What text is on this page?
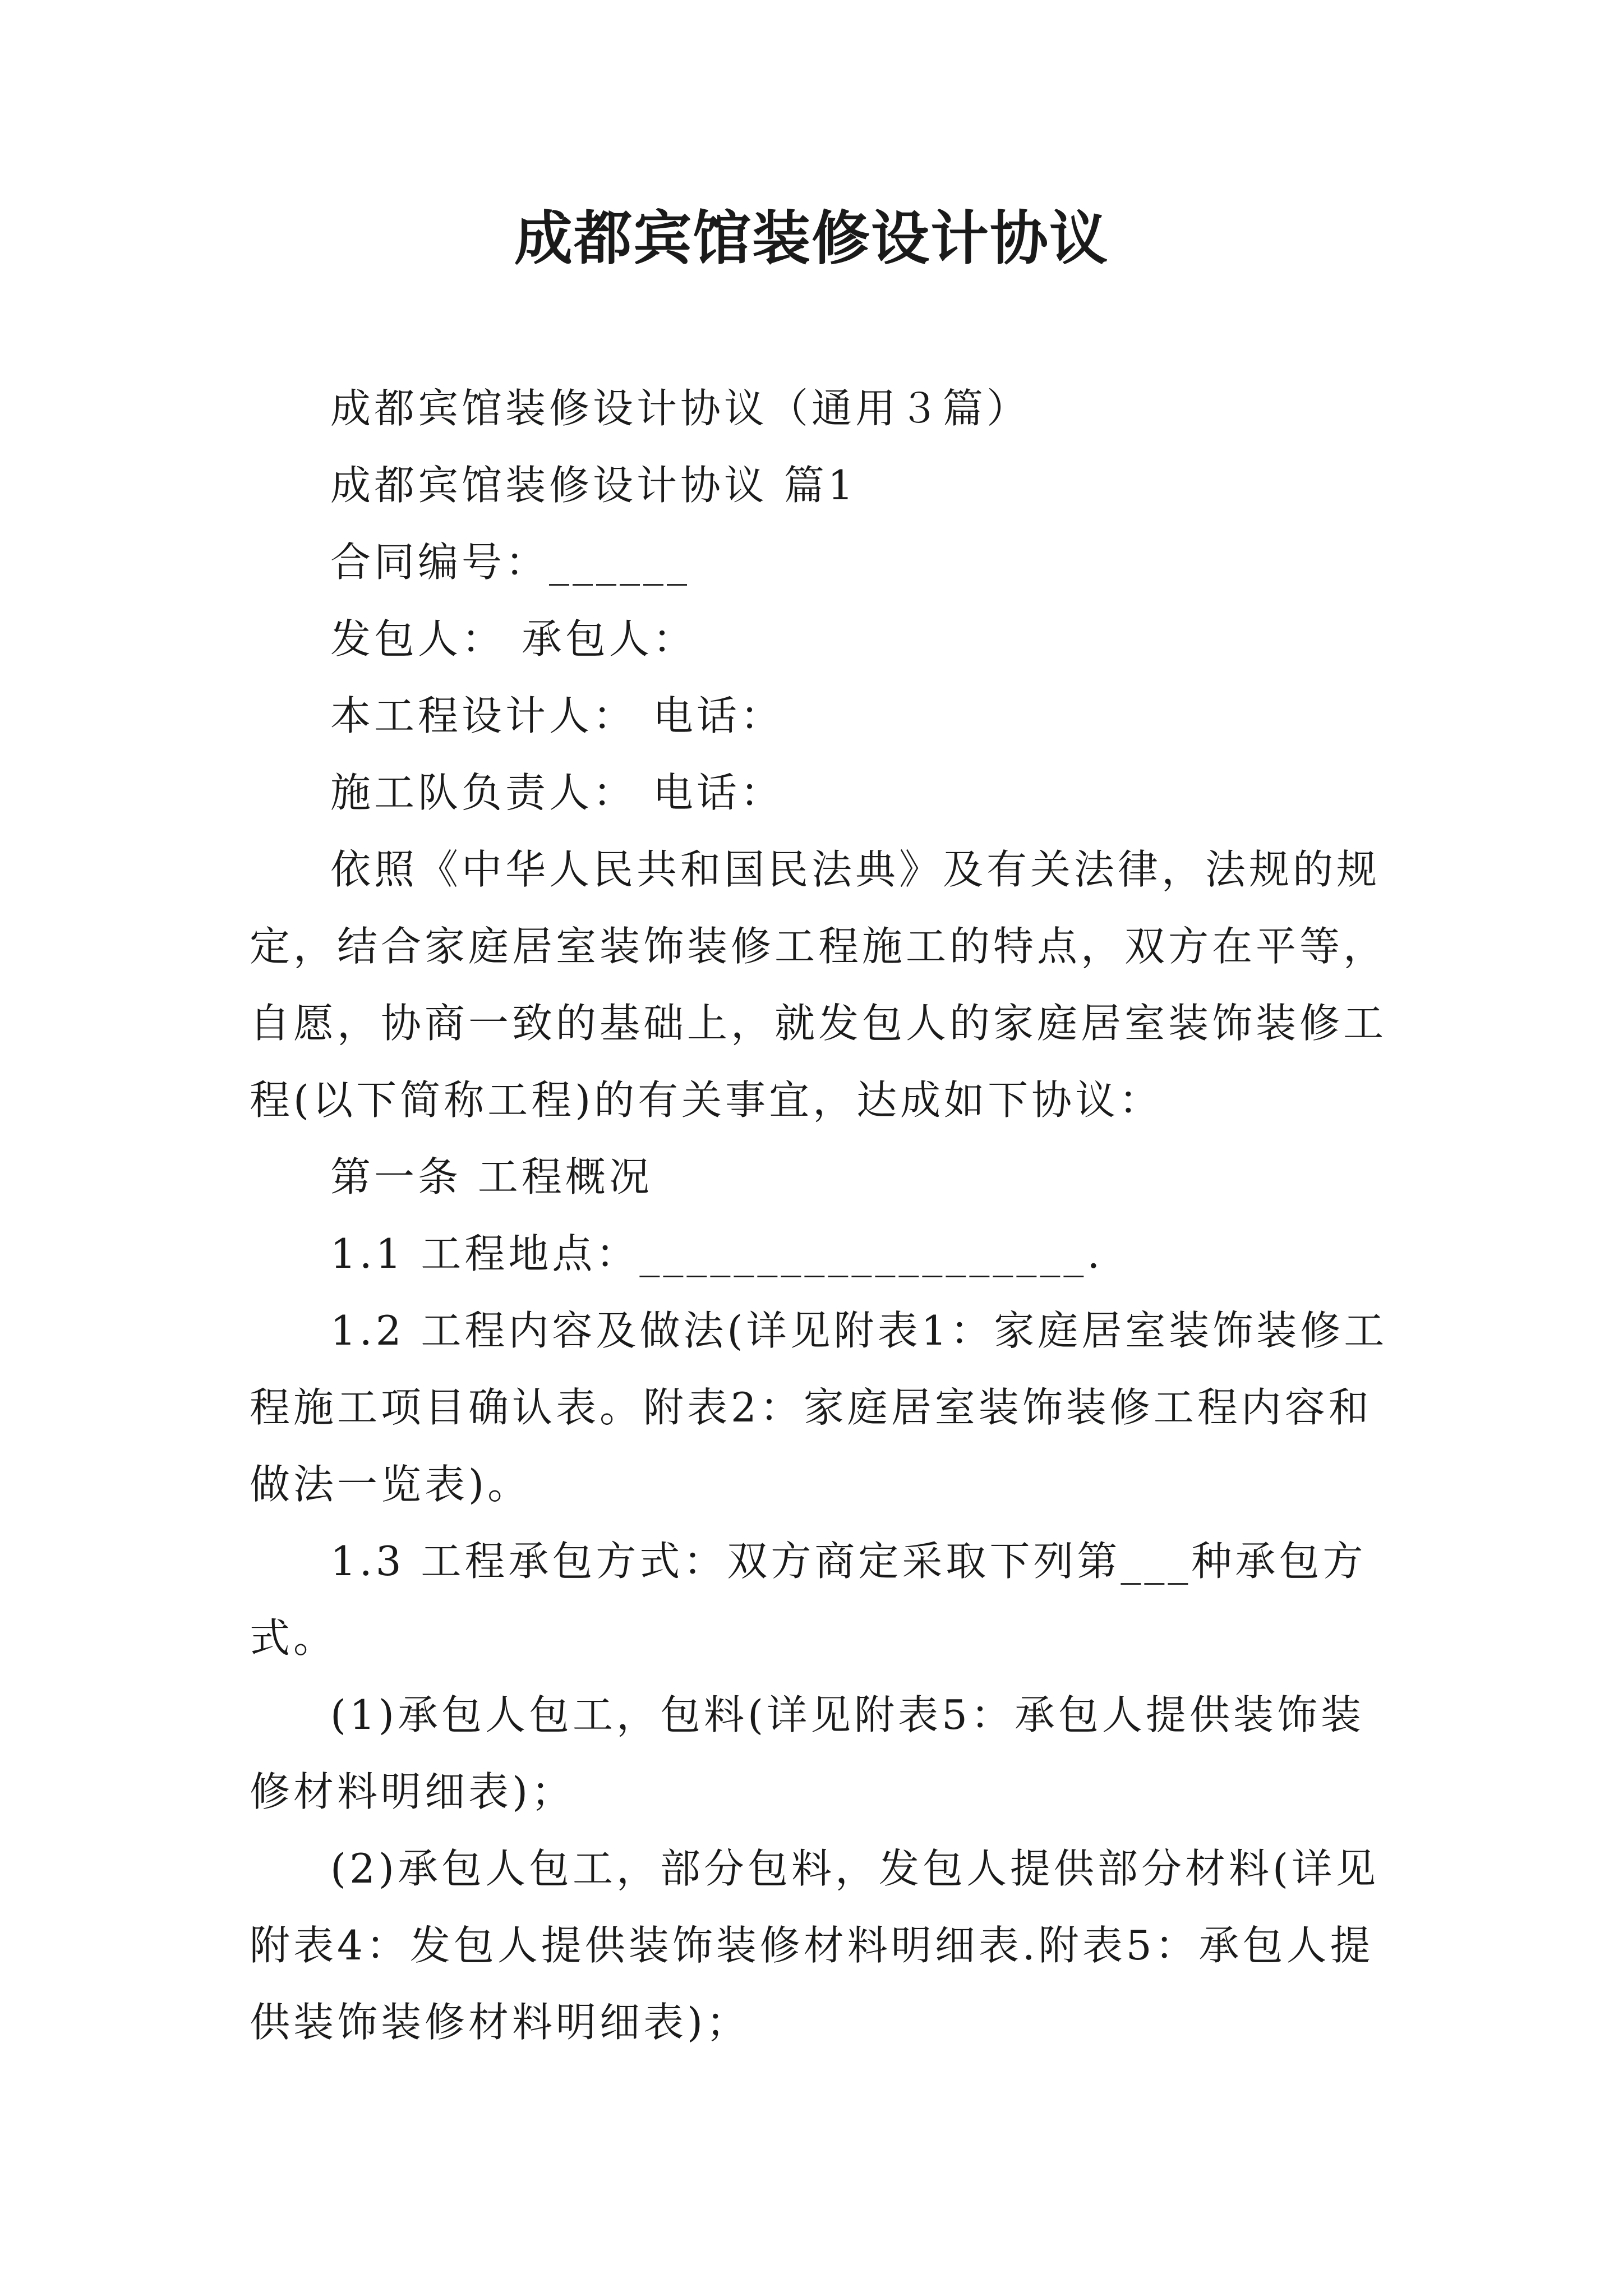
成都宾馆装修设计协议

成都宾馆装修设计协议（通用３篇）

成都宾馆装修设计协议 篇1

合同编号：______

发包人： 承包人：

本工程设计人： 电话：

施工队负责人： 电话：

依照《中华人民共和国民法典》及有关法律，法规的规定，结合家庭居室装饰装修工程施工的特点，双方在平等，自愿，协商一致的基础上，就发包人的家庭居室装饰装修工程(以下简称工程)的有关事宜，达成如下协议：

第一条 工程概况

1.1 工程地点：___________________.

1.2 工程内容及做法(详见附表1：家庭居室装饰装修工程施工项目确认表。附表2：家庭居室装饰装修工程内容和做法一览表)。

1.3 工程承包方式：双方商定采取下列第___种承包方式。

(1)承包人包工，包料(详见附表5：承包人提供装饰装修材料明细表)；

(2)承包人包工，部分包料，发包人提供部分材料(详见附表4：发包人提供装饰装修材料明细表.附表5：承包人提供装饰装修材料明细表)；
